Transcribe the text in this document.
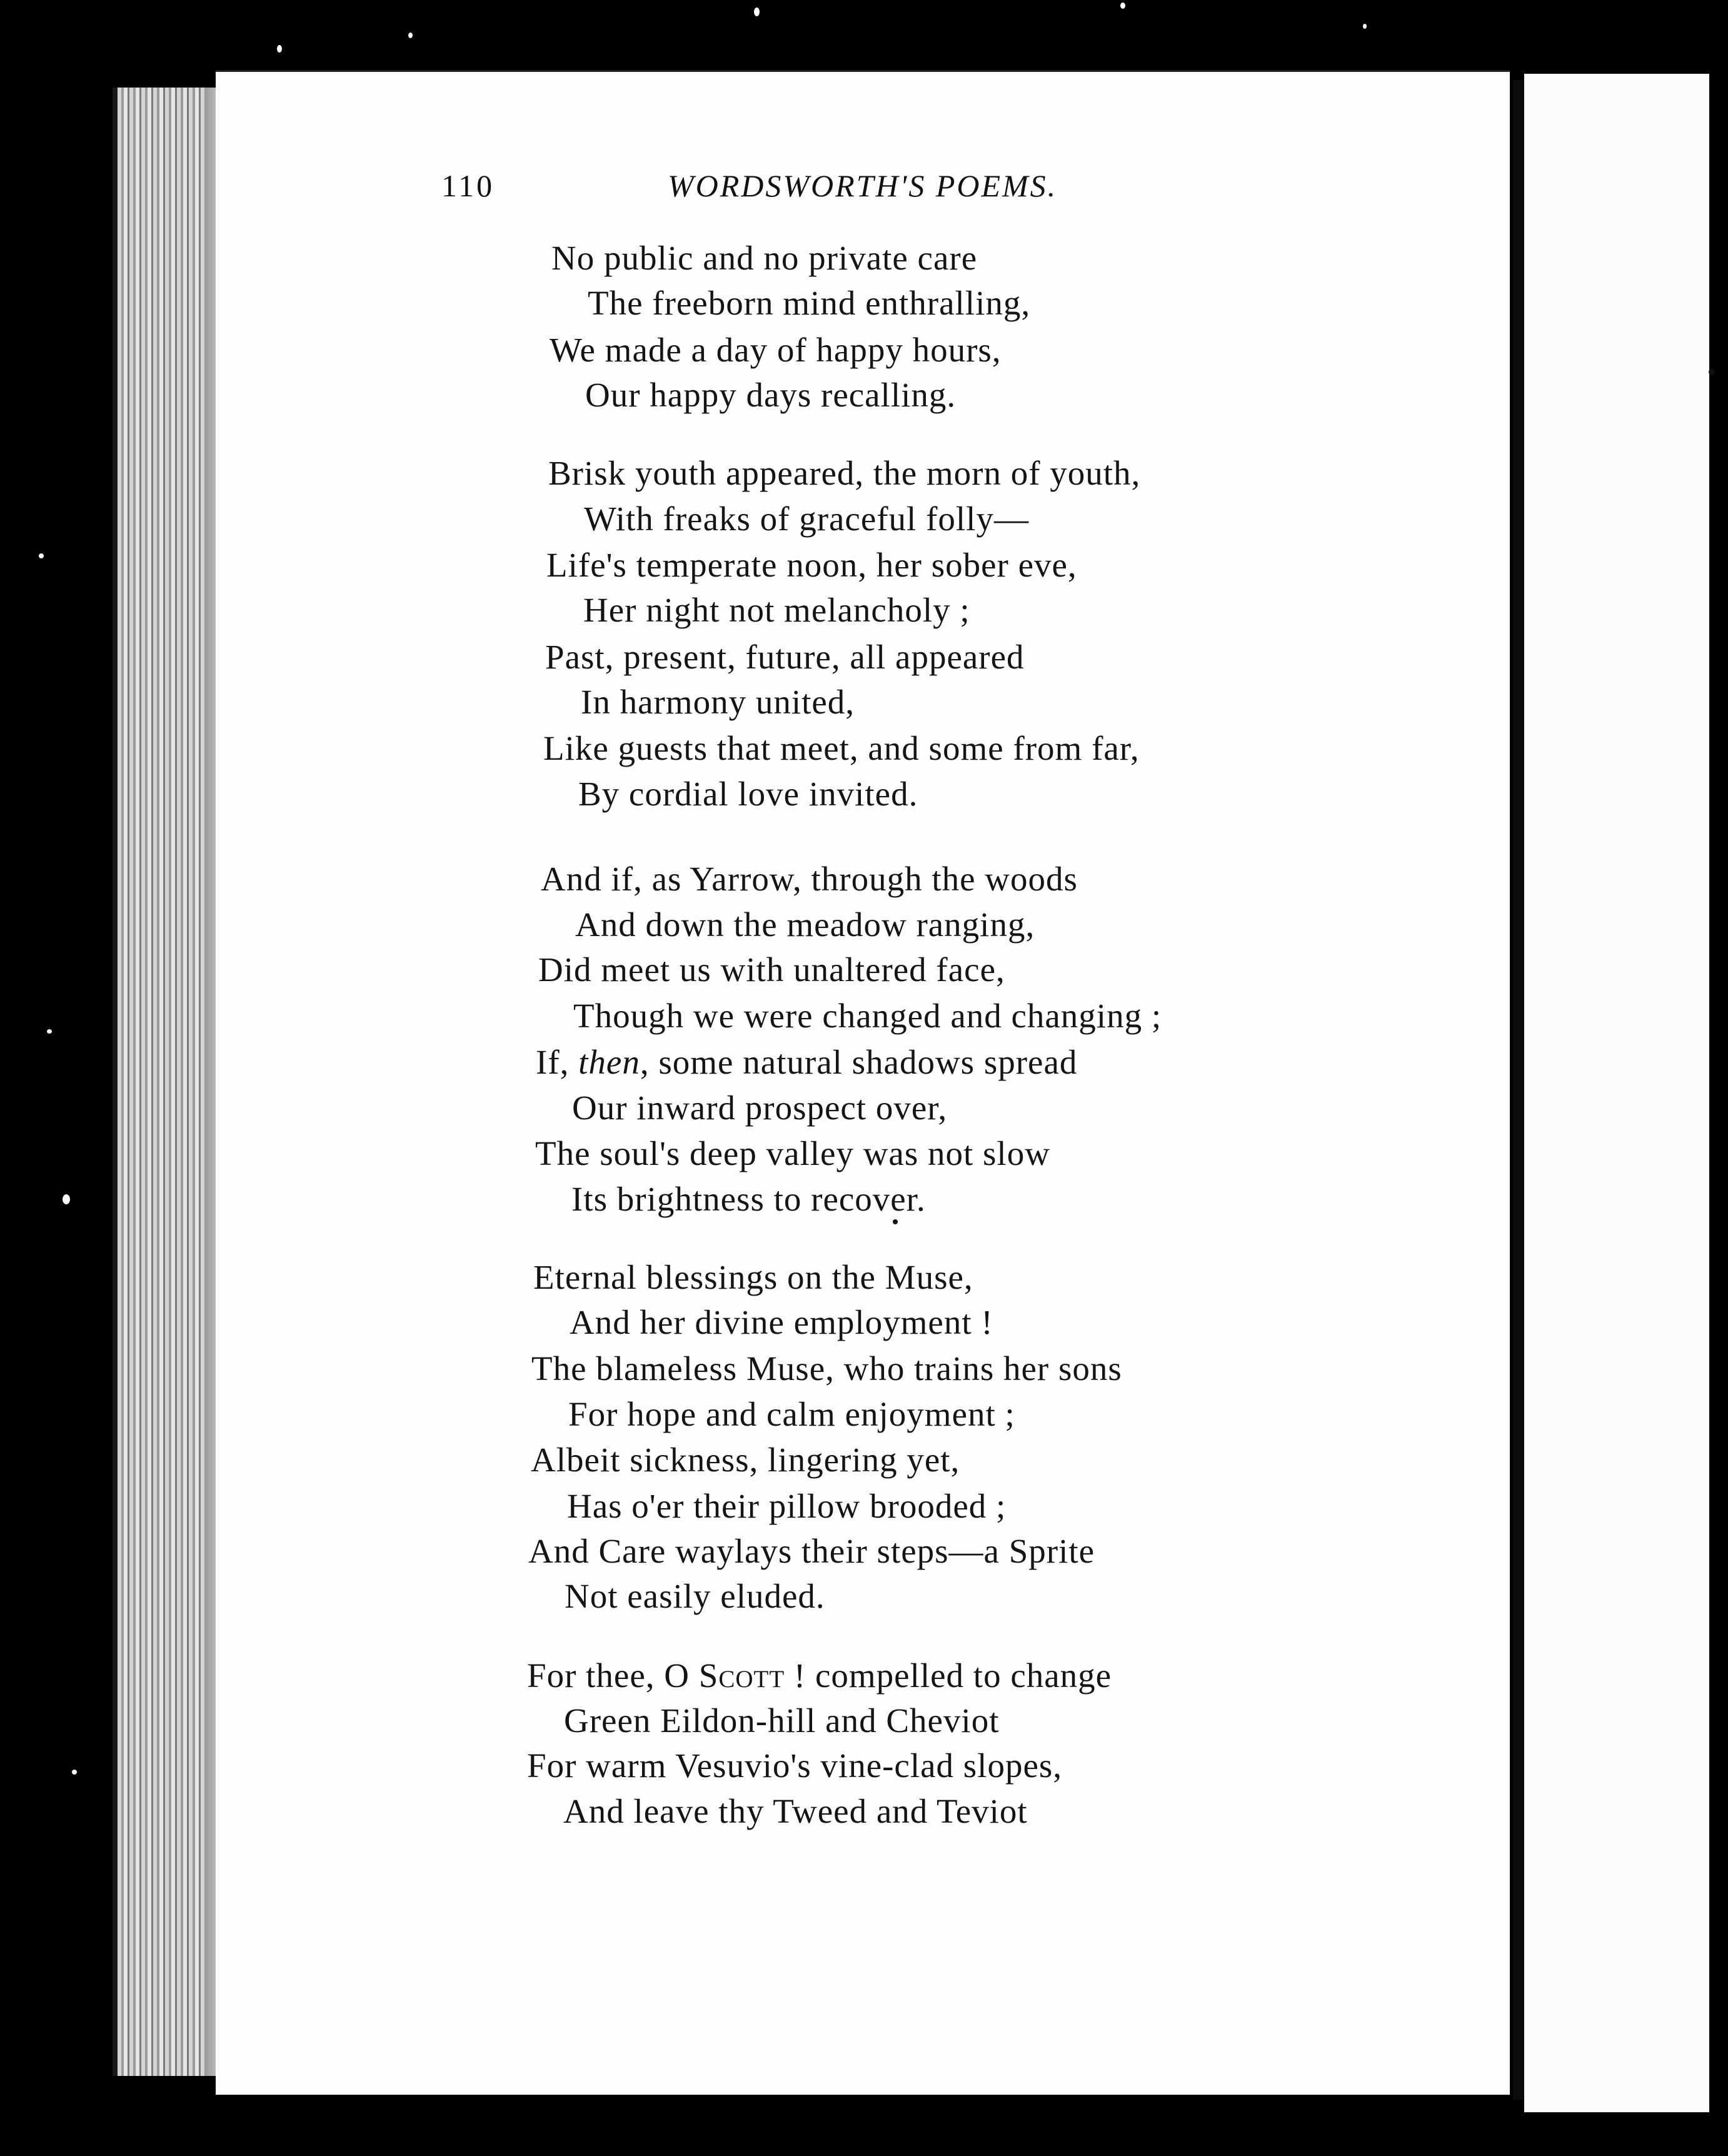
110	WORDSWORTH'S POEMS.
No public and no private care
The freeborn mind enthralling,
We made a day of happy hours,
Our happy days recalling.
Brisk youth appeared, the morn of youth,
With freaks of graceful folly—
Life's temperate noon, her sober eve,
Her night not melancholy ;
Past, present, future, all appeared
In harmony united,
Like guests that meet, and some from far,
By cordial love invited.
And if, as Yarrow, through the woods
And down the meadow ranging,
Did meet us with unaltered face,
Though we were changed and changing ;
If, then, some natural shadows spread
Our inward prospect over,
The soul's deep valley was not slow
Its brightness to recover.
Eternal blessings on the Muse,
And her divine employment !
The blameless Muse, who trains her sons
For hope and calm enjoyment ;
Albeit sickness, lingering yet,
Has o'er their pillow brooded ;
And Care waylays their steps—a Sprite
Not easily eluded.
For thee, O Scott ! compelled to change
Green Eildon-hill and Cheviot
For warm Vesuvio's vine-clad slopes,
And leave thy Tweed and Teviot
